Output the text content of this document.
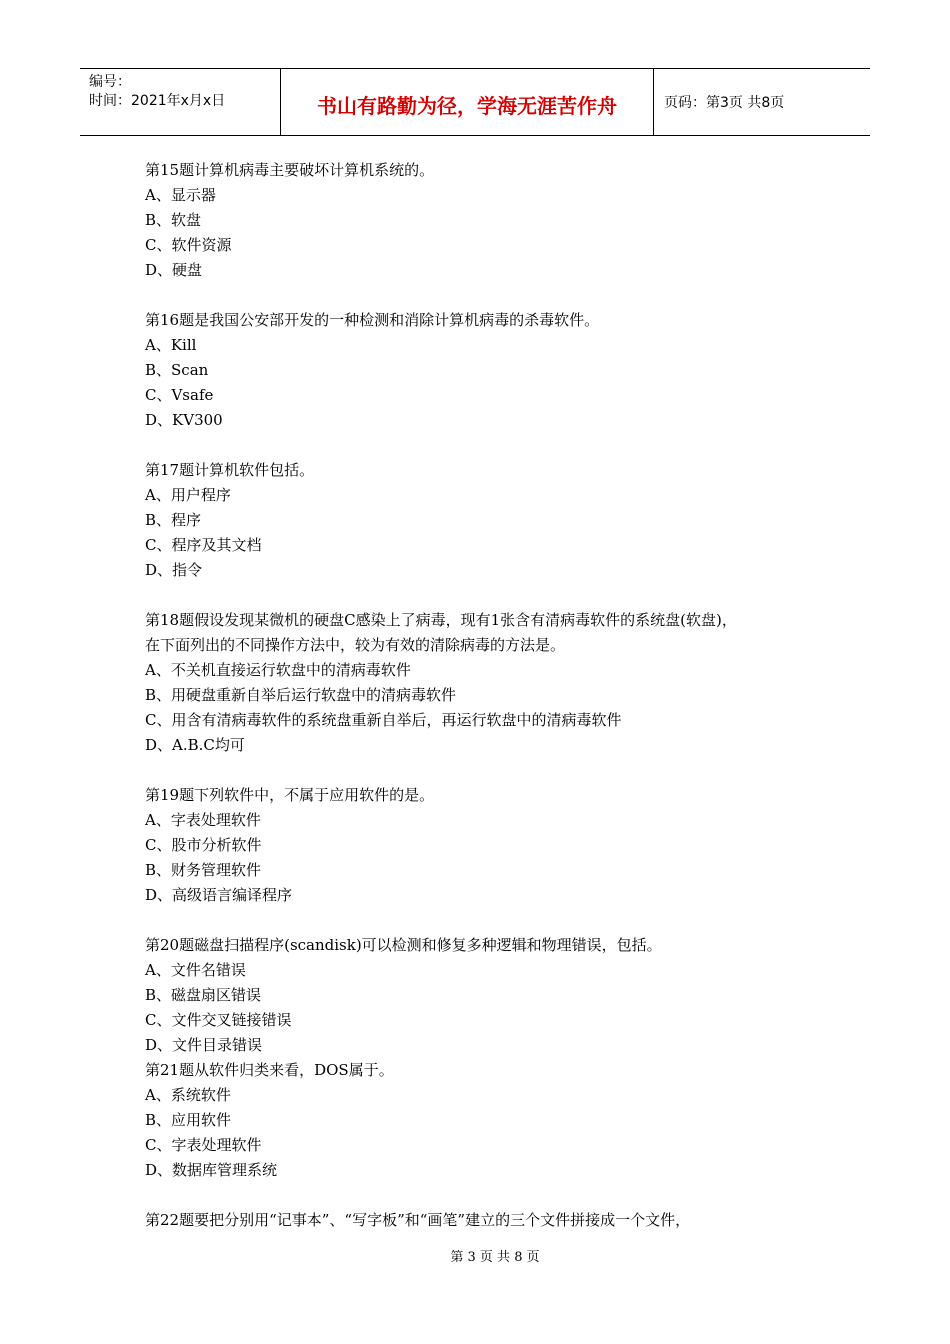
编号：
时间：2021年x月x日	书山有路勤为径，学海无涯苦作舟	页码：第3页 共8页

第15题计算机病毒主要破坏计算机系统的。

A、显示器

B、软盘

C、软件资源

D、硬盘

第16题是我国公安部开发的一种检测和消除计算机病毒的杀毒软件。

A、Kill

B、Scan

C、Vsafe

D、KV300

第17题计算机软件包括。

A、用户程序

B、程序

C、程序及其文档

D、指令

第18题假设发现某微机的硬盘C感染上了病毒，现有1张含有清病毒软件的系统盘(软盘)，

在下面列出的不同操作方法中，较为有效的清除病毒的方法是。

A、不关机直接运行软盘中的清病毒软件

B、用硬盘重新自举后运行软盘中的清病毒软件

C、用含有清病毒软件的系统盘重新自举后，再运行软盘中的清病毒软件

D、A.B.C均可

第19题下列软件中，不属于应用软件的是。

A、字表处理软件

C、股市分析软件

B、财务管理软件

D、高级语言编译程序

第20题磁盘扫描程序(scandisk)可以检测和修复多种逻辑和物理错误，包括。

A、文件名错误

B、磁盘扇区错误

C、文件交叉链接错误

D、文件目录错误

第21题从软件归类来看，DOS属于。

A、系统软件

B、应用软件

C、字表处理软件

D、数据库管理系统

第22题要把分别用“记事本”、“写字板”和“画笔”建立的三个文件拼接成一个文件，

第 3 页 共 8 页
